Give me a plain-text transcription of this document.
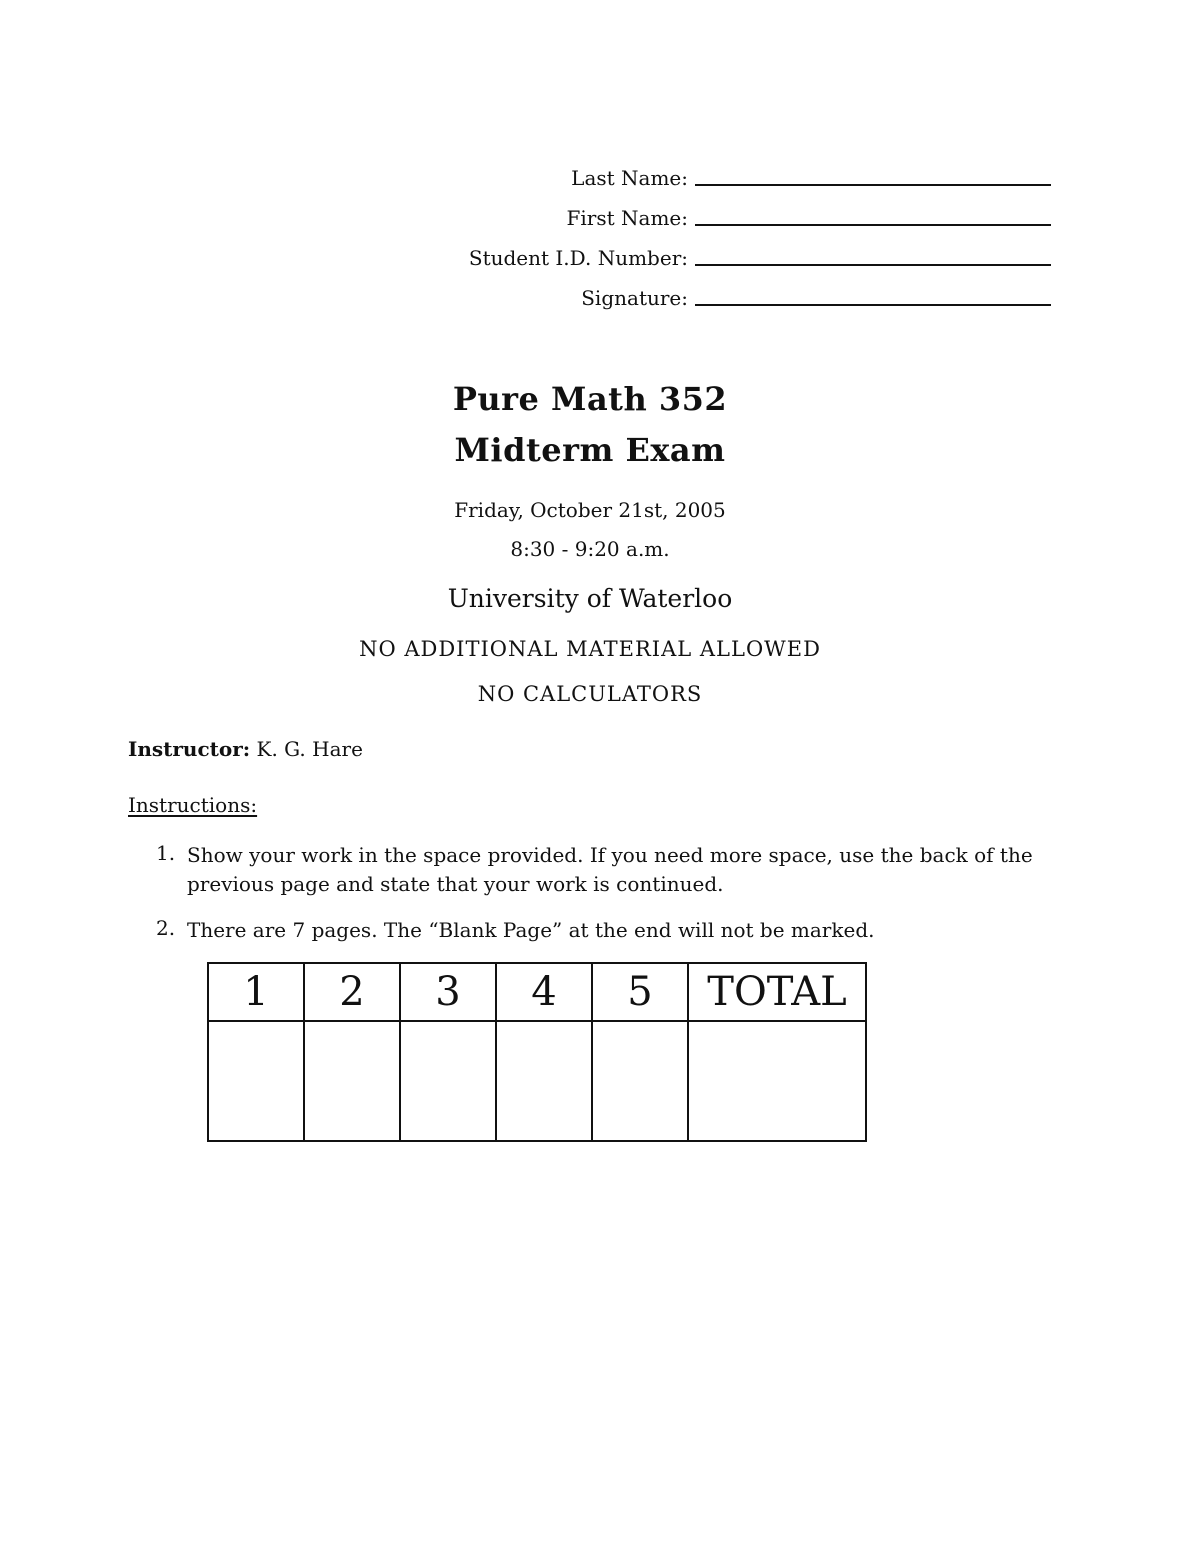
Last Name:
First Name:
Student I.D. Number:
Signature:
Pure Math 352
Midterm Exam
Friday, October 21st, 2005
8:30 - 9:20 a.m.
University of Waterloo
NO ADDITIONAL MATERIAL ALLOWED
NO CALCULATORS
Instructor: K. G. Hare
Instructions:
1. Show your work in the space provided. If you need more space, use the back of the previous page and state that your work is continued.
2. There are 7 pages. The “Blank Page” at the end will not be marked.
1	2	3	4	5	TOTAL
